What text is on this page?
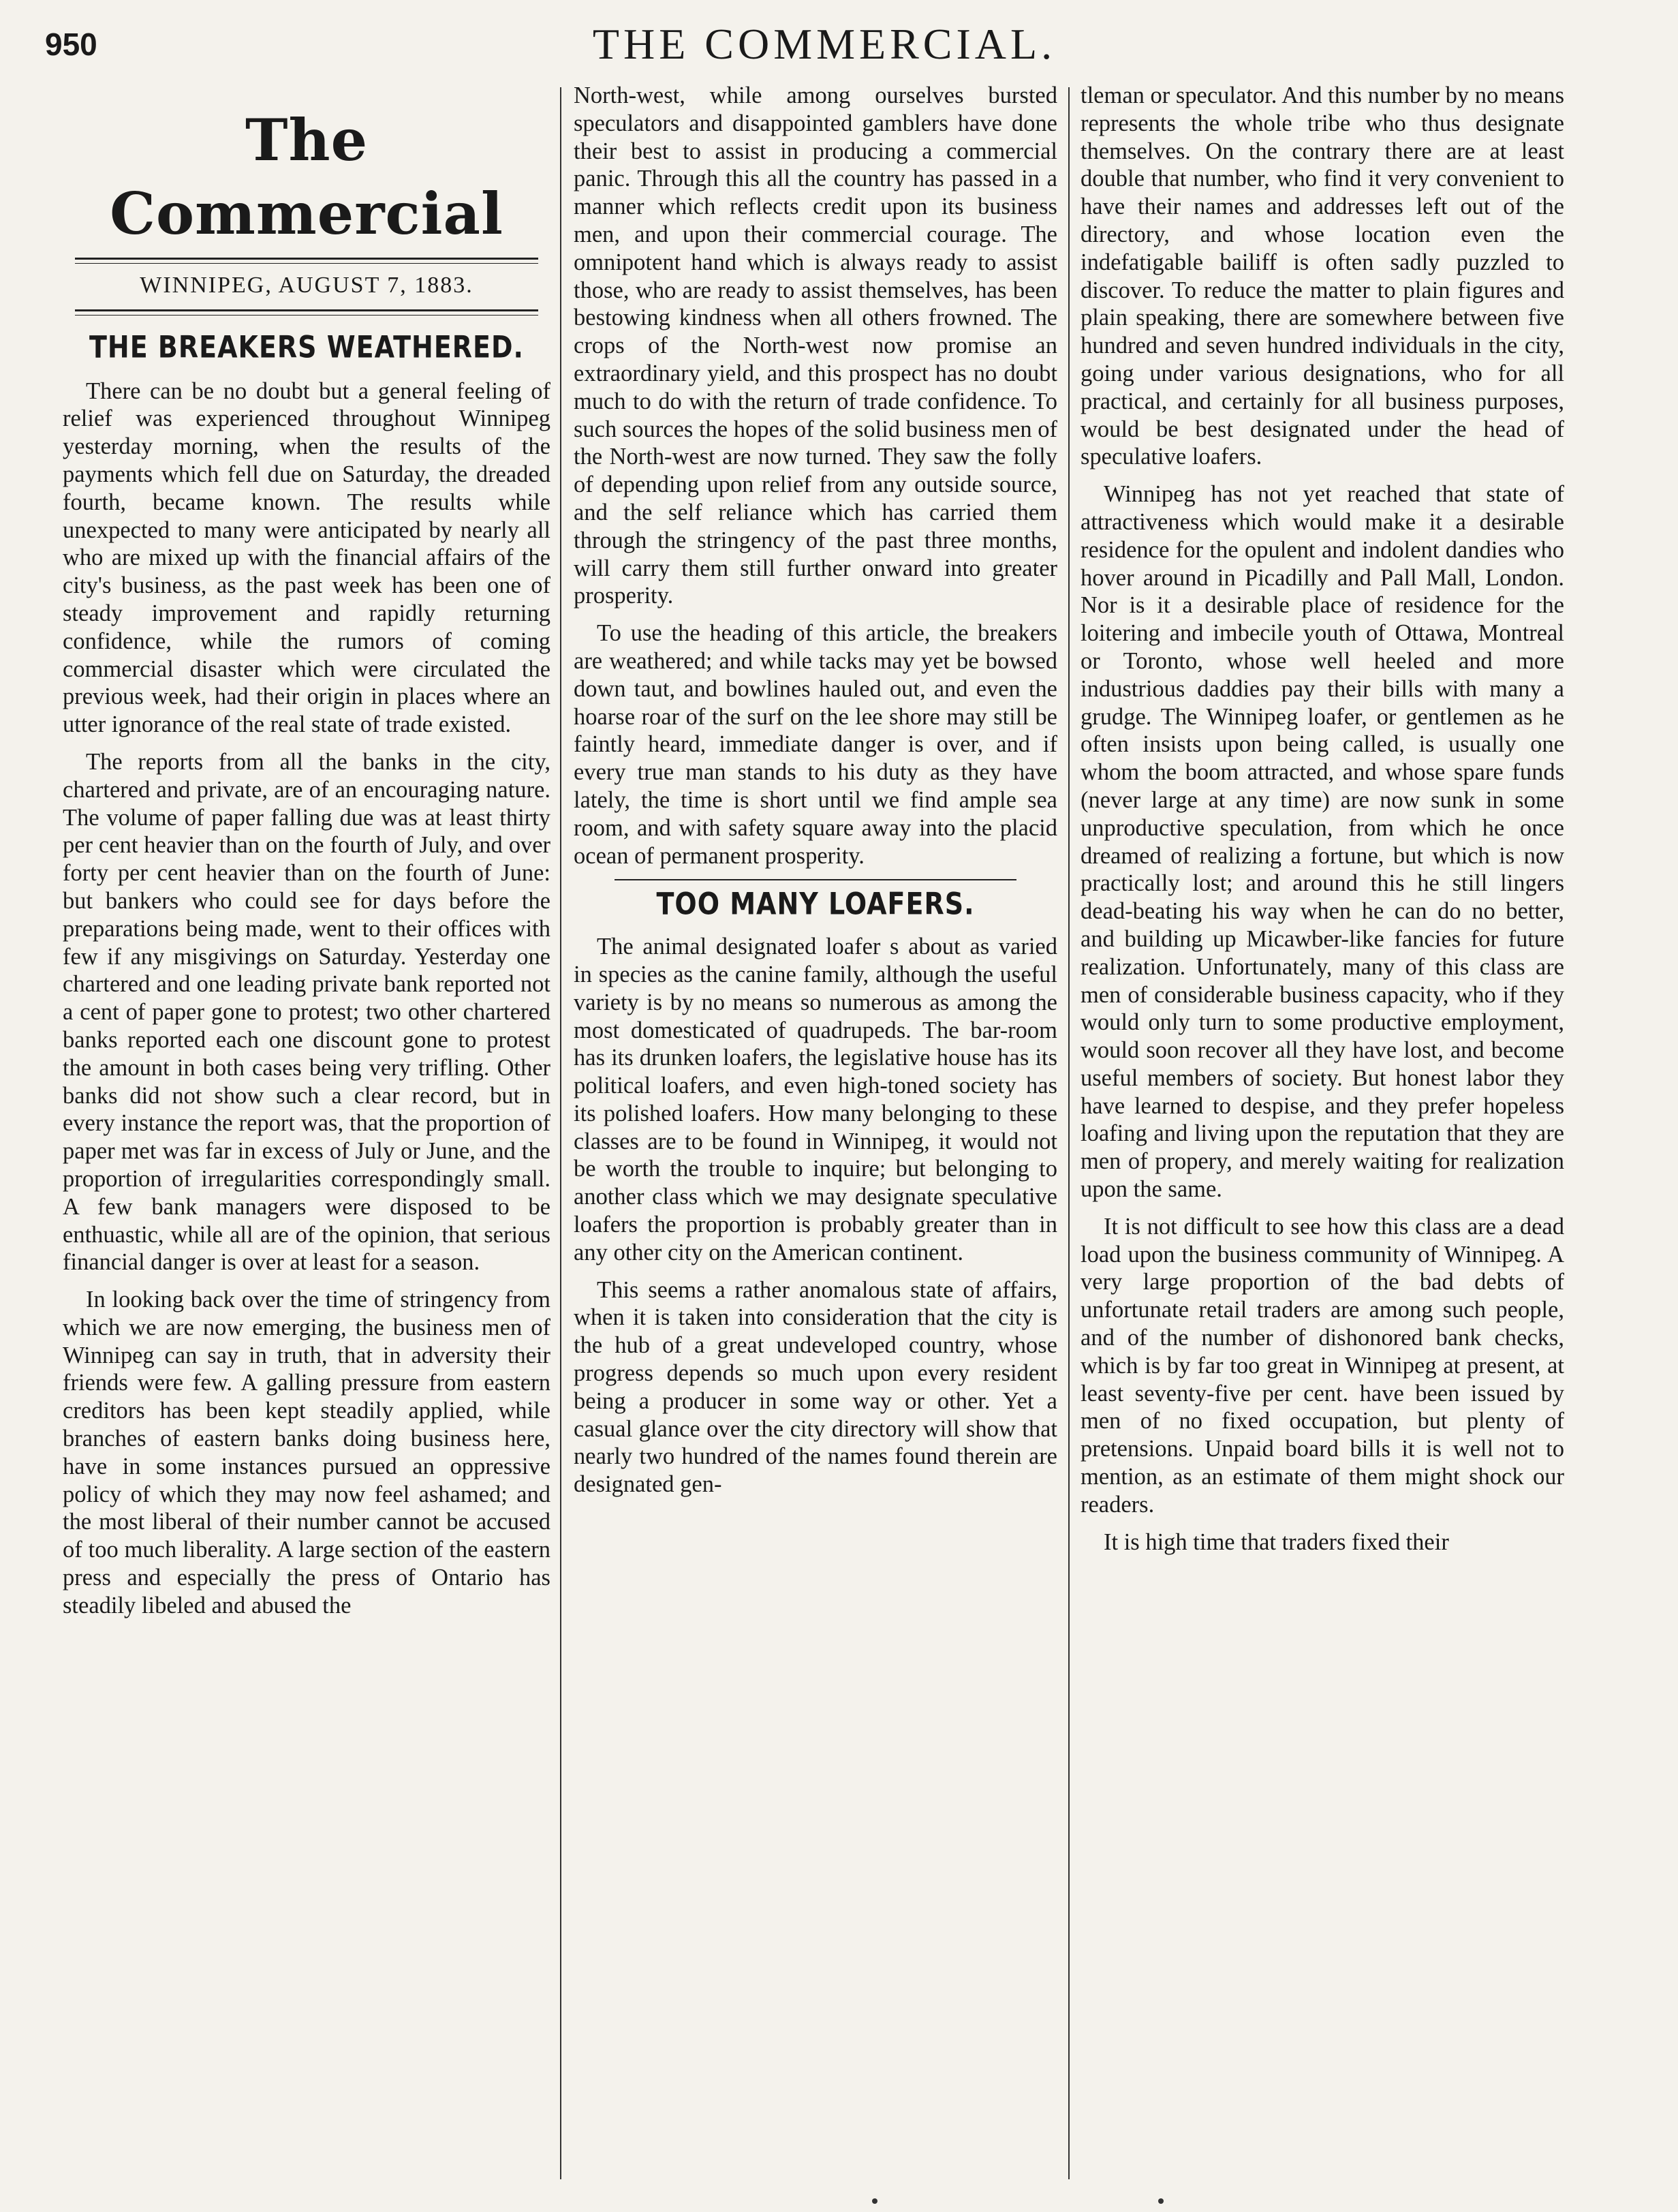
950	THE COMMERCIAL.
The Commercial
WINNIPEG, AUGUST 7, 1883.
THE BREAKERS WEATHERED.

There can be no doubt but a general feeling of relief was experienced throughout Winnipeg yesterday morning, when the results of the payments which fell due on Saturday, the dreaded fourth, became known. The results while unexpected to many were anticipated by nearly all who are mixed up with the financial affairs of the city's business, as the past week has been one of steady improvement and rapidly returning confidence, while the rumors of coming commercial disaster which were circulated the previous week, had their origin in places where an utter ignorance of the real state of trade existed.

The reports from all the banks in the city, chartered and private, are of an encouraging nature. The volume of paper falling due was at least thirty per cent heavier than on the fourth of July, and over forty per cent heavier than on the fourth of June: but bankers who could see for days before the preparations being made, went to their offices with few if any misgivings on Saturday. Yesterday one chartered and one leading private bank reported not a cent of paper gone to protest; two other chartered banks reported each one discount gone to protest the amount in both cases being very trifling. Other banks did not show such a clear record, but in every instance the report was, that the proportion of paper met was far in excess of July or June, and the proportion of irregularities correspondingly small. A few bank managers were disposed to be enthuastic, while all are of the opinion, that serious financial danger is over at least for a season.

In looking back over the time of stringency from which we are now emerging, the business men of Winnipeg can say in truth, that in adversity their friends were few. A galling pressure from eastern creditors has been kept steadily applied, while branches of eastern banks doing business here, have in some instances pursued an oppressive policy of which they may now feel ashamed; and the most liberal of their number cannot be accused of too much liberality. A large section of the eastern press and especially the press of Ontario has steadily libeled and abused the

North-west, while among ourselves bursted speculators and disappointed gamblers have done their best to assist in producing a commercial panic. Through this all the country has passed in a manner which reflects credit upon its business men, and upon their commercial courage. The omnipotent hand which is always ready to assist those, who are ready to assist themselves, has been bestowing kindness when all others frowned. The crops of the North-west now promise an extraordinary yield, and this prospect has no doubt much to do with the return of trade confidence. To such sources the hopes of the solid business men of the North-west are now turned. They saw the folly of depending upon relief from any outside source, and the self reliance which has carried them through the stringency of the past three months, will carry them still further onward into greater prosperity.

To use the heading of this article, the breakers are weathered; and while tacks may yet be bowsed down taut, and bowlines hauled out, and even the hoarse roar of the surf on the lee shore may still be faintly heard, immediate danger is over, and if every true man stands to his duty as they have lately, the time is short until we find ample sea room, and with safety square away into the placid ocean of permanent prosperity.

TOO MANY LOAFERS.

The animal designated loafer s about as varied in species as the canine family, although the useful variety is by no means so numerous as among the most domesticated of quadrupeds. The bar-room has its drunken loafers, the legislative house has its political loafers, and even high-toned society has its polished loafers. How many belonging to these classes are to be found in Winnipeg, it would not be worth the trouble to inquire; but belonging to another class which we may designate speculative loafers the proportion is probably greater than in any other city on the American continent.

This seems a rather anomalous state of affairs, when it is taken into consideration that the city is the hub of a great undeveloped country, whose progress depends so much upon every resident being a producer in some way or other. Yet a casual glance over the city directory will show that nearly two hundred of the names found therein are designated gen-

tleman or speculator. And this number by no means represents the whole tribe who thus designate themselves. On the contrary there are at least double that number, who find it very convenient to have their names and addresses left out of the directory, and whose location even the indefatigable bailiff is often sadly puzzled to discover. To reduce the matter to plain figures and plain speaking, there are somewhere between five hundred and seven hundred individuals in the city, going under various designations, who for all practical, and certainly for all business purposes, would be best designated under the head of speculative loafers.

Winnipeg has not yet reached that state of attractiveness which would make it a desirable residence for the opulent and indolent dandies who hover around in Picadilly and Pall Mall, London. Nor is it a desirable place of residence for the loitering and imbecile youth of Ottawa, Montreal or Toronto, whose well heeled and more industrious daddies pay their bills with many a grudge. The Winnipeg loafer, or gentlemen as he often insists upon being called, is usually one whom the boom attracted, and whose spare funds (never large at any time) are now sunk in some unproductive speculation, from which he once dreamed of realizing a fortune, but which is now practically lost; and around this he still lingers dead-beating his way when he can do no better, and building up Micawber-like fancies for future realization. Unfortunately, many of this class are men of considerable business capacity, who if they would only turn to some productive employment, would soon recover all they have lost, and become useful members of society. But honest labor they have learned to despise, and they prefer hopeless loafing and living upon the reputation that they are men of propery, and merely waiting for realization upon the same.

It is not difficult to see how this class are a dead load upon the business community of Winnipeg. A very large proportion of the bad debts of unfortunate retail traders are among such people, and of the number of dishonored bank checks, which is by far too great in Winnipeg at present, at least seventy-five per cent. have been issued by men of no fixed occupation, but plenty of pretensions. Unpaid board bills it is well not to mention, as an estimate of them might shock our readers.

It is high time that traders fixed their
